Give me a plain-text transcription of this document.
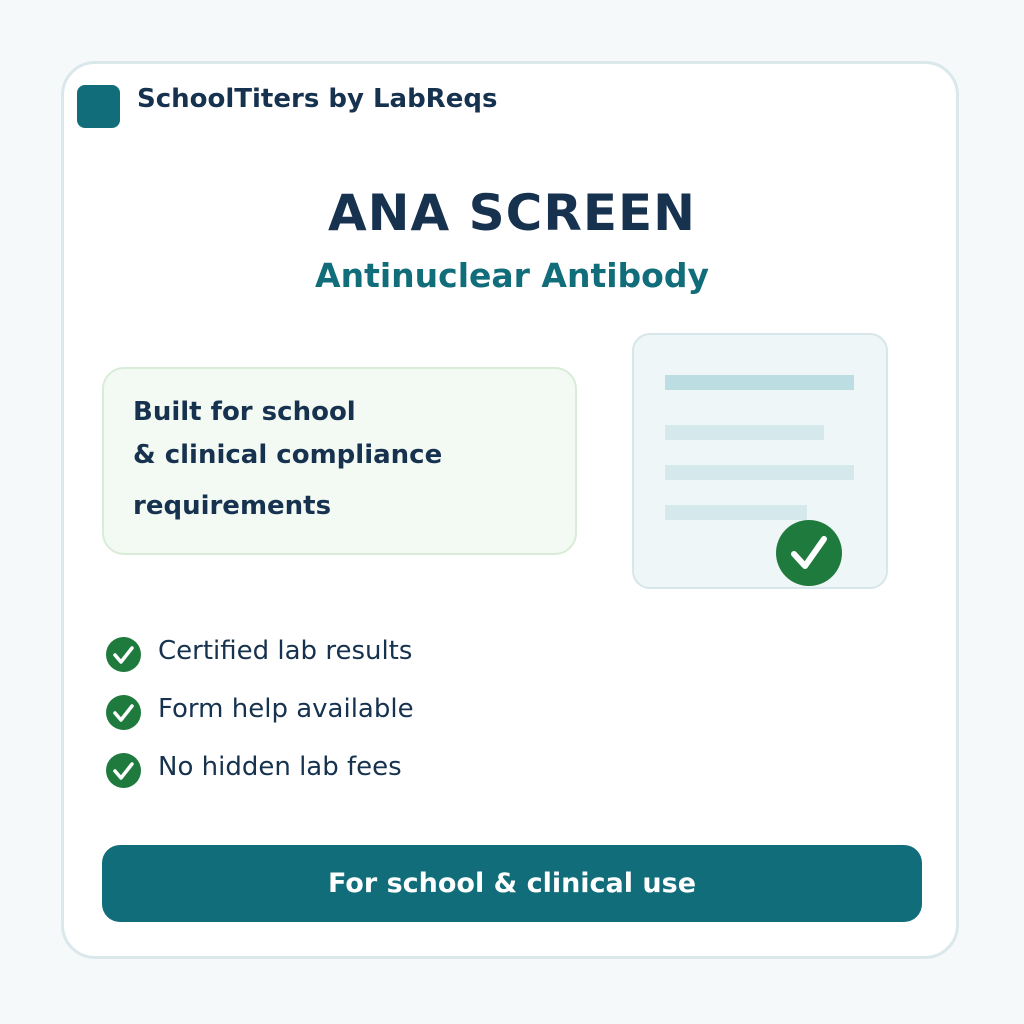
SchoolTiters by LabReqs
ANA SCREEN
Antinuclear Antibody
Built for school
& clinical compliance
requirements
Certified lab results
Form help available
No hidden lab fees
For school & clinical use
